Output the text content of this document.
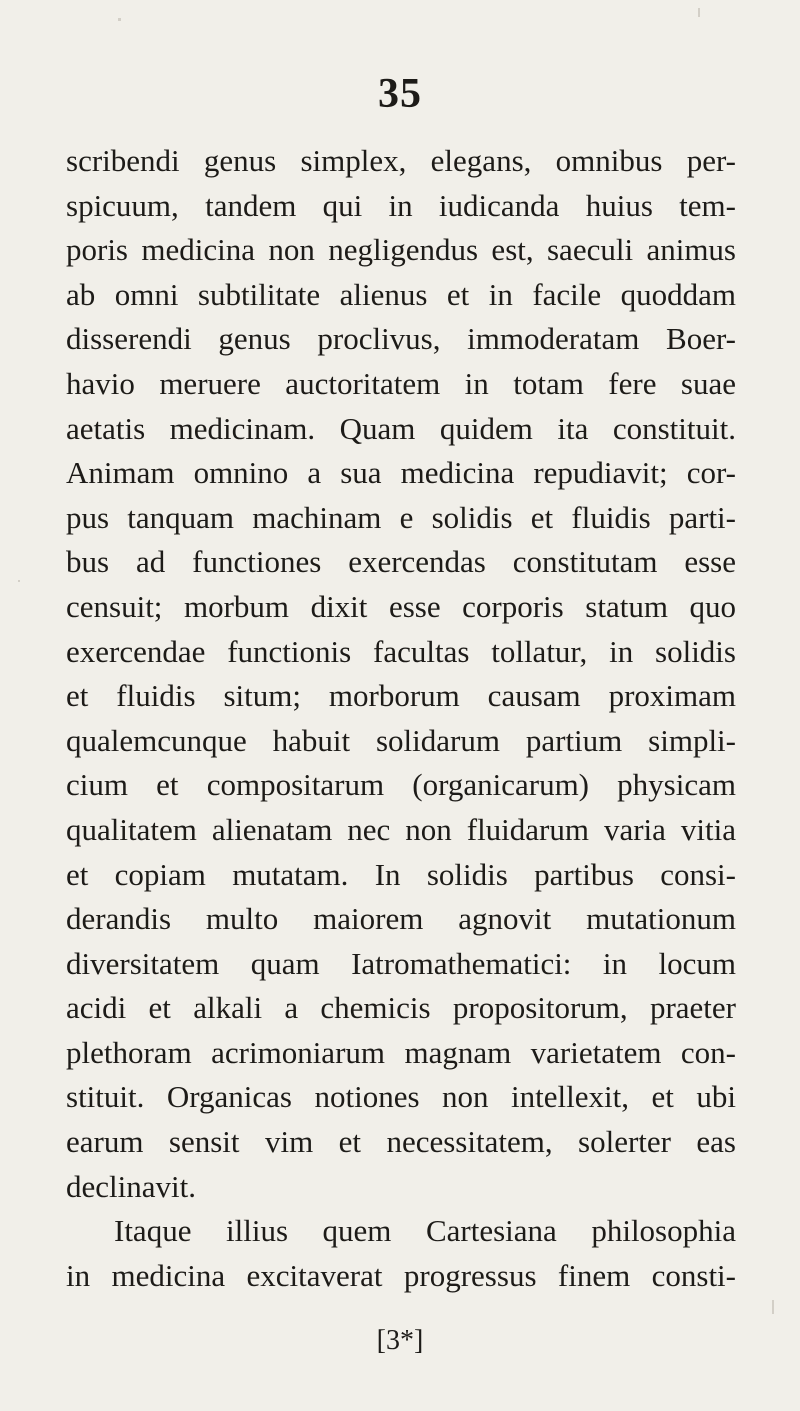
35
scribendi genus simplex, elegans, omnibus per-
spicuum, tandem qui in iudicanda huius tem-
poris medicina non negligendus est, saeculi animus
ab omni subtilitate alienus et in facile quoddam
disserendi genus proclivus, immoderatam Boer-
havio meruere auctoritatem in totam fere suae
aetatis medicinam. Quam quidem ita constituit.
Animam omnino a sua medicina repudiavit; cor-
pus tanquam machinam e solidis et fluidis parti-
bus ad functiones exercendas constitutam esse
censuit; morbum dixit esse corporis statum quo
exercendae functionis facultas tollatur, in solidis
et fluidis situm; morborum causam proximam
qualemcunque habuit solidarum partium simpli-
cium et compositarum (organicarum) physicam
qualitatem alienatam nec non fluidarum varia vitia
et copiam mutatam. In solidis partibus consi-
derandis multo maiorem agnovit mutationum
diversitatem quam Iatromathematici: in locum
acidi et alkali a chemicis propositorum, praeter
plethoram acrimoniarum magnam varietatem con-
stituit. Organicas notiones non intellexit, et ubi
earum sensit vim et necessitatem, solerter eas
declinavit.
Itaque illius quem Cartesiana philosophia
in medicina excitaverat progressus finem consti-
[3*]
